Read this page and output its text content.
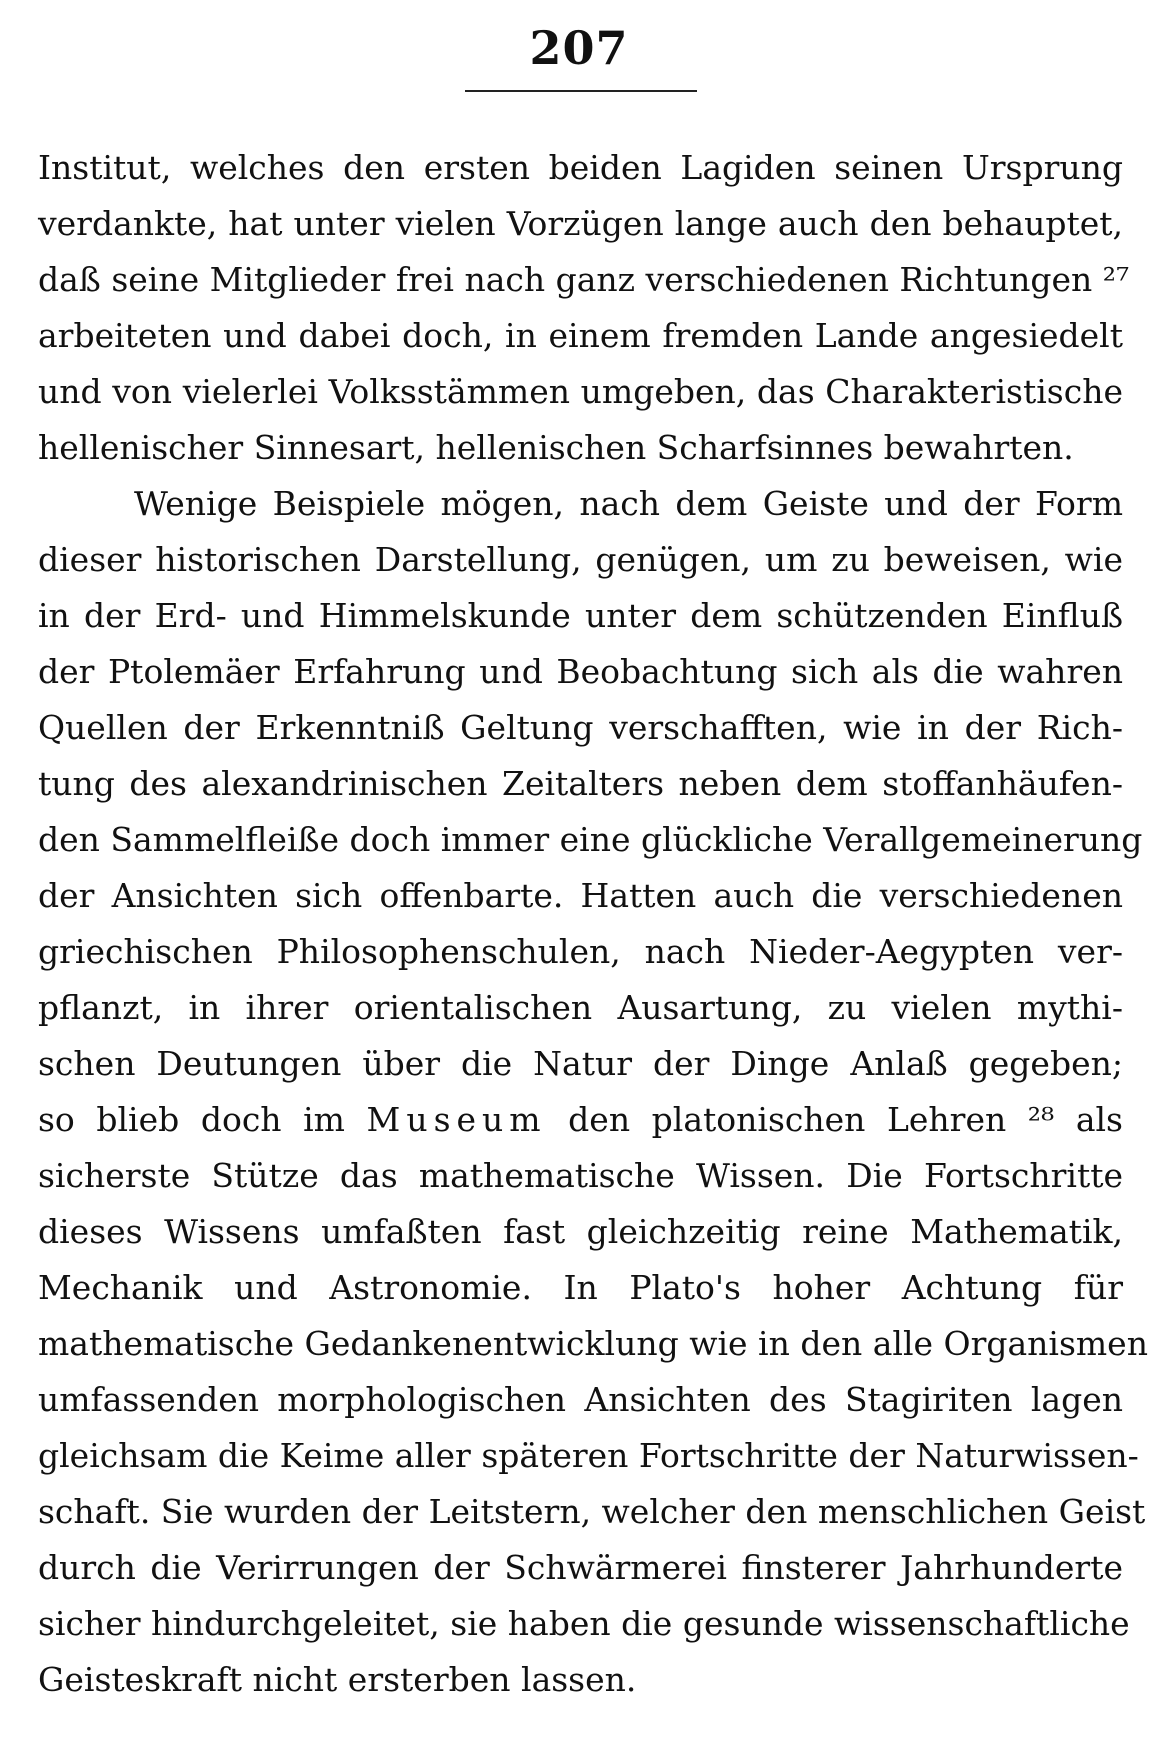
207
Institut, welches den ersten beiden Lagiden seinen Ursprung
verdankte, hat unter vielen Vorzügen lange auch den behauptet,
daß seine Mitglieder frei nach ganz verschiedenen Richtungen ²⁷
arbeiteten und dabei doch, in einem fremden Lande angesiedelt
und von vielerlei Volksstämmen umgeben, das Charakteristische
hellenischer Sinnesart, hellenischen Scharfsinnes bewahrten.
Wenige Beispiele mögen, nach dem Geiste und der Form
dieser historischen Darstellung, genügen, um zu beweisen, wie
in der Erd- und Himmelskunde unter dem schützenden Einfluß
der Ptolemäer Erfahrung und Beobachtung sich als die wahren
Quellen der Erkenntniß Geltung verschafften, wie in der Rich-
tung des alexandrinischen Zeitalters neben dem stoffanhäufen-
den Sammelfleiße doch immer eine glückliche Verallgemeinerung
der Ansichten sich offenbarte. Hatten auch die verschiedenen
griechischen Philosophenschulen, nach Nieder-Aegypten ver-
pflanzt, in ihrer orientalischen Ausartung, zu vielen mythi-
schen Deutungen über die Natur der Dinge Anlaß gegeben;
so blieb doch im Museum den platonischen Lehren ²⁸ als
sicherste Stütze das mathematische Wissen. Die Fortschritte
dieses Wissens umfaßten fast gleichzeitig reine Mathematik,
Mechanik und Astronomie. In Plato's hoher Achtung für
mathematische Gedankenentwicklung wie in den alle Organismen
umfassenden morphologischen Ansichten des Stagiriten lagen
gleichsam die Keime aller späteren Fortschritte der Naturwissen-
schaft. Sie wurden der Leitstern, welcher den menschlichen Geist
durch die Verirrungen der Schwärmerei finsterer Jahrhunderte
sicher hindurchgeleitet, sie haben die gesunde wissenschaftliche
Geisteskraft nicht ersterben lassen.
